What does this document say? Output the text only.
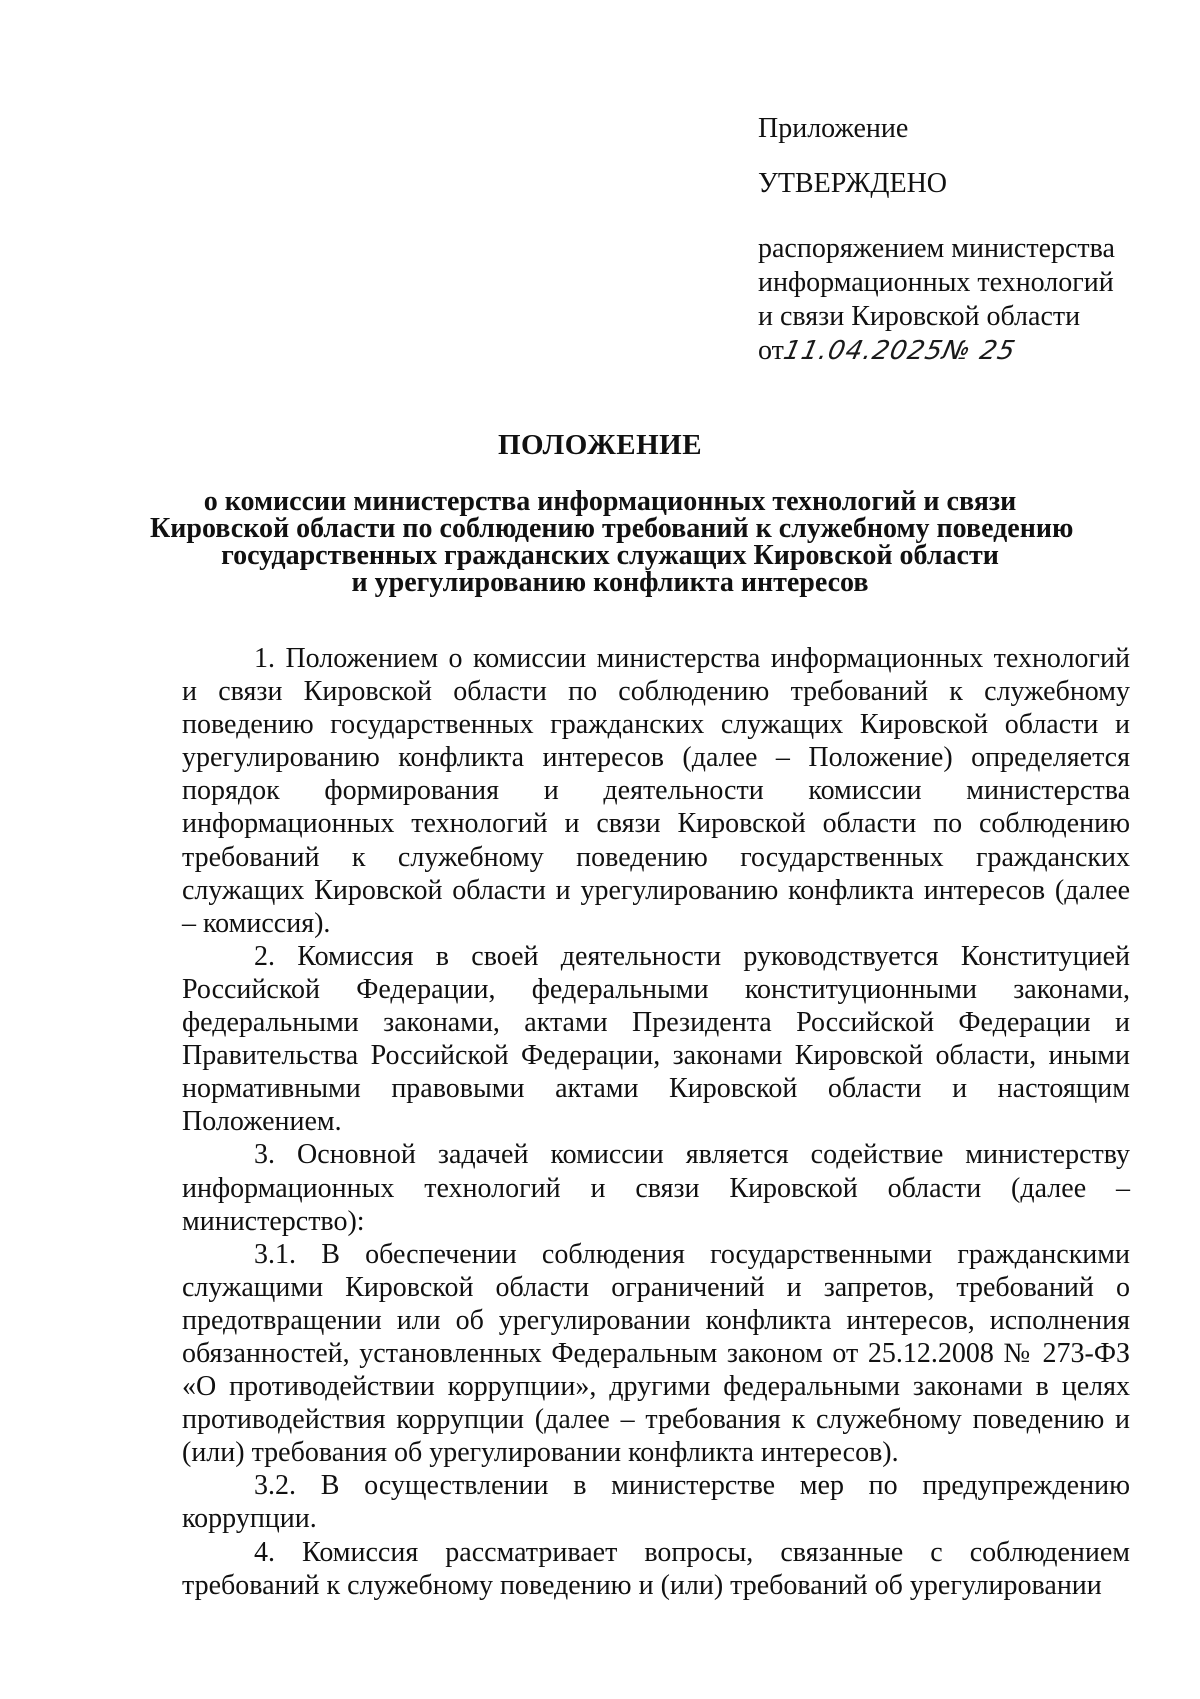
Приложение
УТВЕРЖДЕНО
распоряжением министерства
информационных технологий
и связи Кировской области
от11.04.2025№ 25
ПОЛОЖЕНИЕ
о комиссии министерства информационных технологий и связи
Кировской области по соблюдению требований к служебному поведению
государственных гражданских служащих Кировской области
и урегулированию конфликта интересов

1. Положением о комиссии министерства информационных технологий и связи Кировской области по соблюдению требований к служебному поведению государственных гражданских служащих Кировской области и урегулированию конфликта интересов (далее – Положение) определяется порядок формирования и деятельности комиссии министерства информационных технологий и связи Кировской области по соблюдению требований к служебному поведению государственных гражданских служащих Кировской области и урегулированию конфликта интересов (далее – комиссия).

2. Комиссия в своей деятельности руководствуется Конституцией Российской Федерации, федеральными конституционными законами, федеральными законами, актами Президента Российской Федерации и Правительства Российской Федерации, законами Кировской области, иными нормативными правовыми актами Кировской области и настоящим Положением.

3. Основной задачей комиссии является содействие министерству информационных технологий и связи Кировской области (далее – министерство):

3.1. В обеспечении соблюдения государственными гражданскими служащими Кировской области ограничений и запретов, требований о предотвращении или об урегулировании конфликта интересов, исполнения обязанностей, установленных Федеральным законом от 25.12.2008 № 273-ФЗ «О противодействии коррупции», другими федеральными законами в целях противодействия коррупции (далее – требования к служебному поведению и (или) требования об урегулировании конфликта интересов).

3.2. В осуществлении в министерстве мер по предупреждению коррупции.

4. Комиссия рассматривает вопросы, связанные с соблюдением требований к служебному поведению и (или) требований об урегулировании
